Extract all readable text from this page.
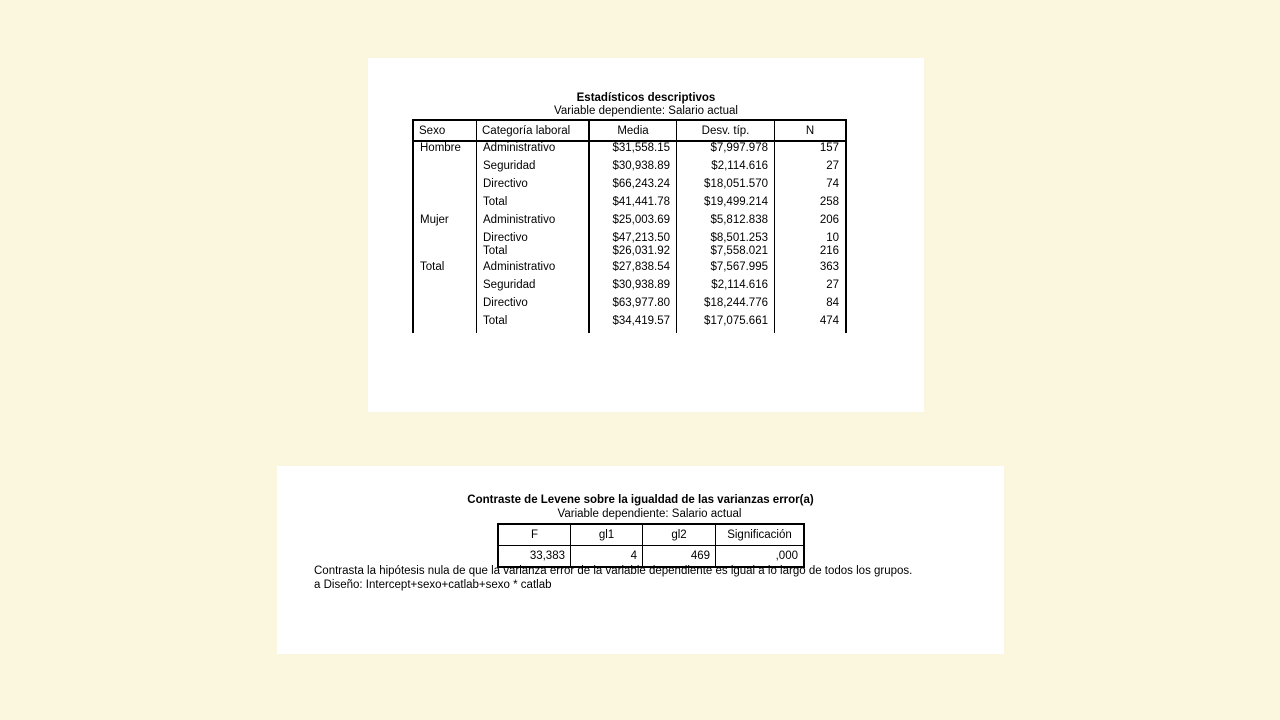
Estadísticos descriptivos
Variable dependiente: Salario actual
Sexo	Categoría laboral	Media	Desv. típ.	N
Hombre	Administrativo	$31,558.15	$7,997.978	157
	Seguridad	$30,938.89	$2,114.616	27
	Directivo	$66,243.24	$18,051.570	74
	Total	$41,441.78	$19,499.214	258
Mujer	Administrativo	$25,003.69	$5,812.838	206
	Directivo	$47,213.50	$8,501.253	10
	Total	$26,031.92	$7,558.021	216
Total	Administrativo	$27,838.54	$7,567.995	363
	Seguridad	$30,938.89	$2,114.616	27
	Directivo	$63,977.80	$18,244.776	84
	Total	$34,419.57	$17,075.661	474
Contraste de Levene sobre la igualdad de las varianzas error(a)
Variable dependiente: Salario actual
F	gl1	gl2	Significación
33,383	4	469	,000
Contrasta la hipótesis nula de que la varianza error de la variable dependiente es igual a lo largo de todos los grupos.
a Diseño: Intercept+sexo+catlab+sexo * catlab
